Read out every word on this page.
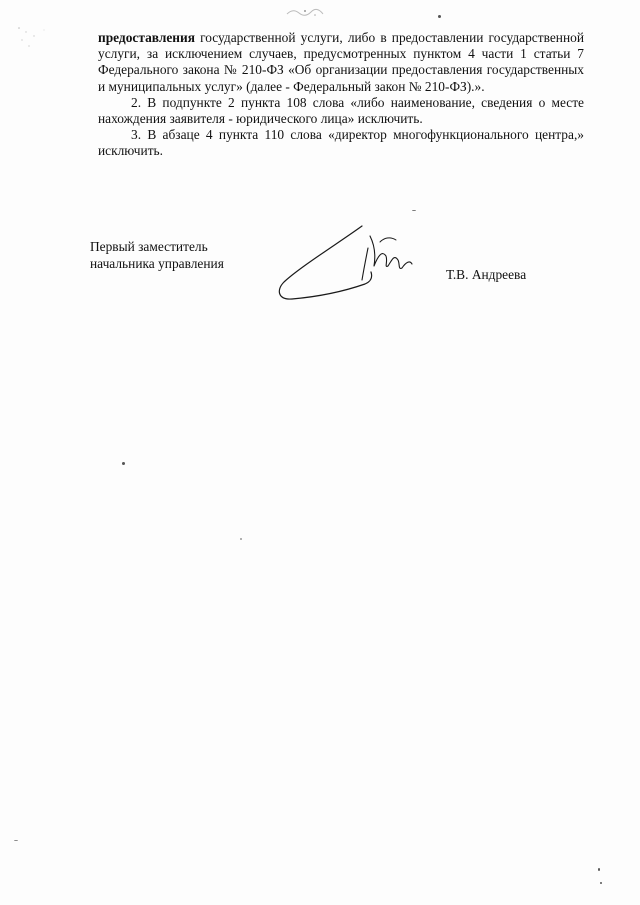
предоставления государственной услуги, либо в предоставлении государственной услуги, за исключением случаев, предусмотренных пунктом 4 части 1 статьи 7 Федерального закона № 210-ФЗ «Об организации предоставления государственных и муниципальных услуг» (далее - Федеральный закон № 210-ФЗ).».

2. В подпункте 2 пункта 108 слова «либо наименование, сведения о месте нахождения заявителя - юридического лица» исключить.

3. В абзаце 4 пункта 110 слова «директор многофункционального центра,» исключить.

Первый заместитель
начальника управления
Т.В. Андреева
